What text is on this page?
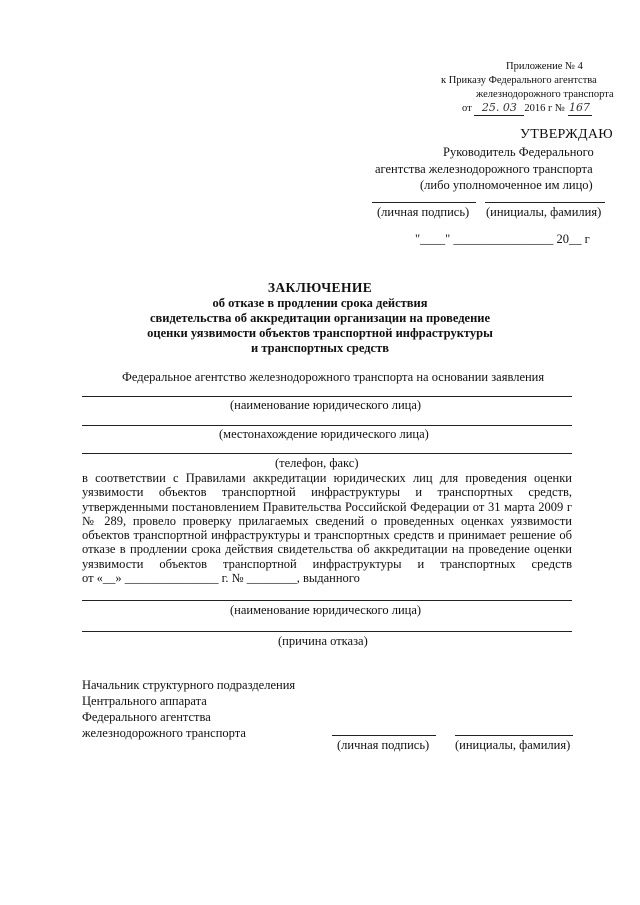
Приложение № 4
к Приказу Федерального агентства
железнодорожного транспорта
от 25. 03 2016 г № 167
УТВЕРЖДАЮ
Руководитель Федерального
агентства железнодорожного транспорта
(либо уполномоченное им лицо)
(личная подпись) (инициалы, фамилия)
"____" ________________ 20__ г
ЗАКЛЮЧЕНИЕ
об отказе в продлении срока действия
свидетельства об аккредитации организации на проведение
оценки уязвимости объектов транспортной инфраструктуры
и транспортных средств
Федеральное агентство железнодорожного транспорта на основании заявления
(наименование юридического лица)
(местонахождение юридического лица)
(телефон, факс)
в соответствии с Правилами аккредитации юридических лиц для проведения оценки
уязвимости объектов транспортной инфраструктуры и транспортных средств,
утвержденными постановлением Правительства Российской Федерации от 31 марта 2009 г
№ 289, провело проверку прилагаемых сведений о проведенных оценках уязвимости
объектов транспортной инфраструктуры и транспортных средств и принимает решение об
отказе в продлении срока действия свидетельства об аккредитации на проведение оценки
уязвимости объектов транспортной инфраструктуры и транспортных средств
от «__» _______________ г. № ________, выданного
(наименование юридического лица)
(причина отказа)
Начальник структурного подразделения
Центрального аппарата
Федерального агентства
железнодорожного транспорта
(личная подпись) (инициалы, фамилия)
